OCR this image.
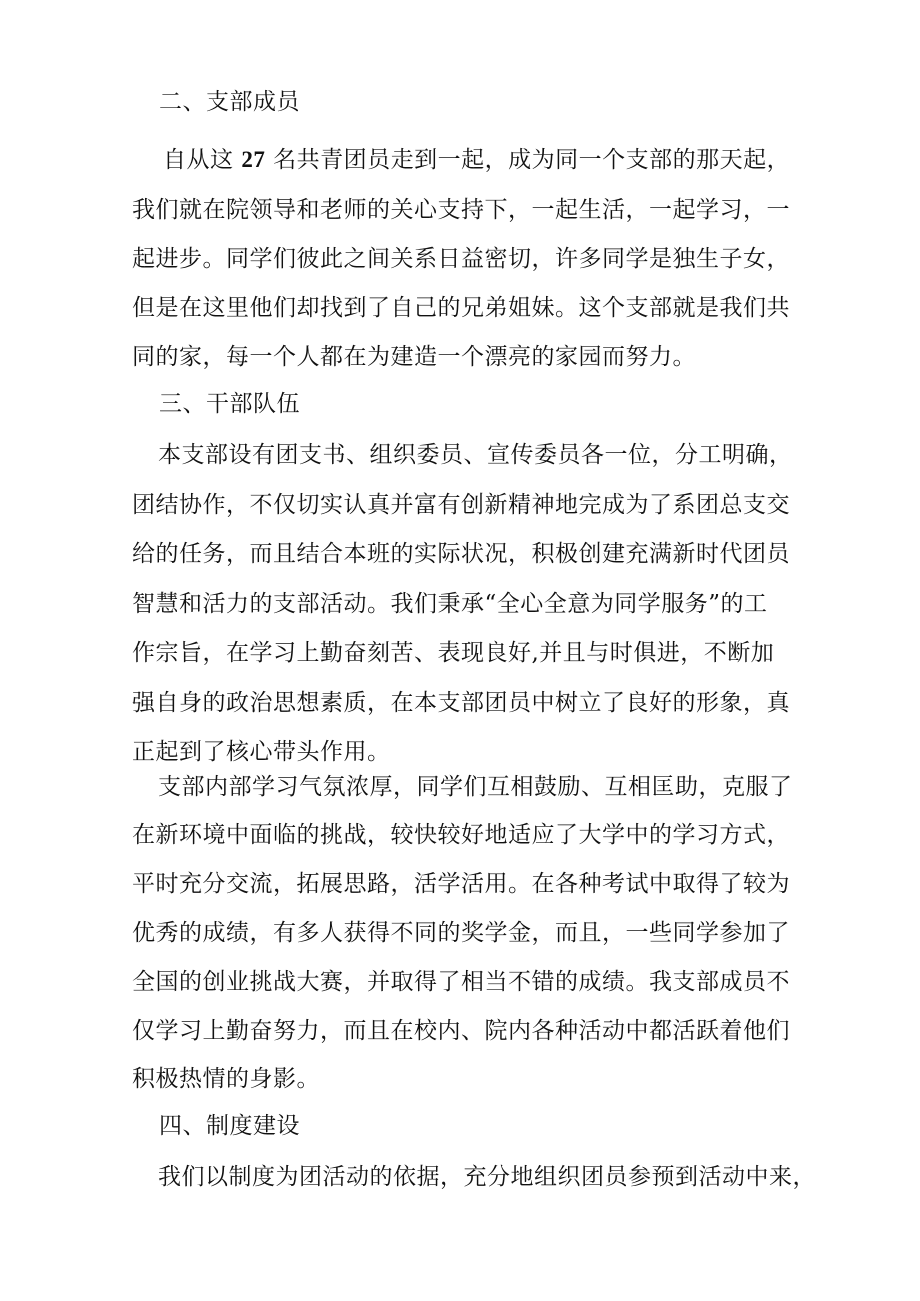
二、支部成员
自从这 27 名共青团员走到一起，成为同一个支部的那天起，
我们就在院领导和老师的关心支持下，一起生活，一起学习，一
起进步。同学们彼此之间关系日益密切，许多同学是独生子女，
但是在这里他们却找到了自己的兄弟姐妹。这个支部就是我们共
同的家，每一个人都在为建造一个漂亮的家园而努力。
三、干部队伍
本支部设有团支书、组织委员、宣传委员各一位，分工明确，
团结协作，不仅切实认真并富有创新精神地完成为了系团总支交
给的任务，而且结合本班的实际状况，积极创建充满新时代团员
智慧和活力的支部活动。我们秉承“全心全意为同学服务”的工
作宗旨，在学习上勤奋刻苦、表现良好,并且与时俱进，不断加
强自身的政治思想素质，在本支部团员中树立了良好的形象，真
正起到了核心带头作用。
支部内部学习气氛浓厚，同学们互相鼓励、互相匡助，克服了
在新环境中面临的挑战，较快较好地适应了大学中的学习方式，
平时充分交流，拓展思路，活学活用。在各种考试中取得了较为
优秀的成绩，有多人获得不同的奖学金，而且，一些同学参加了
全国的创业挑战大赛，并取得了相当不错的成绩。我支部成员不
仅学习上勤奋努力，而且在校内、院内各种活动中都活跃着他们
积极热情的身影。
四、制度建设
我们以制度为团活动的依据，充分地组织团员参预到活动中来，
